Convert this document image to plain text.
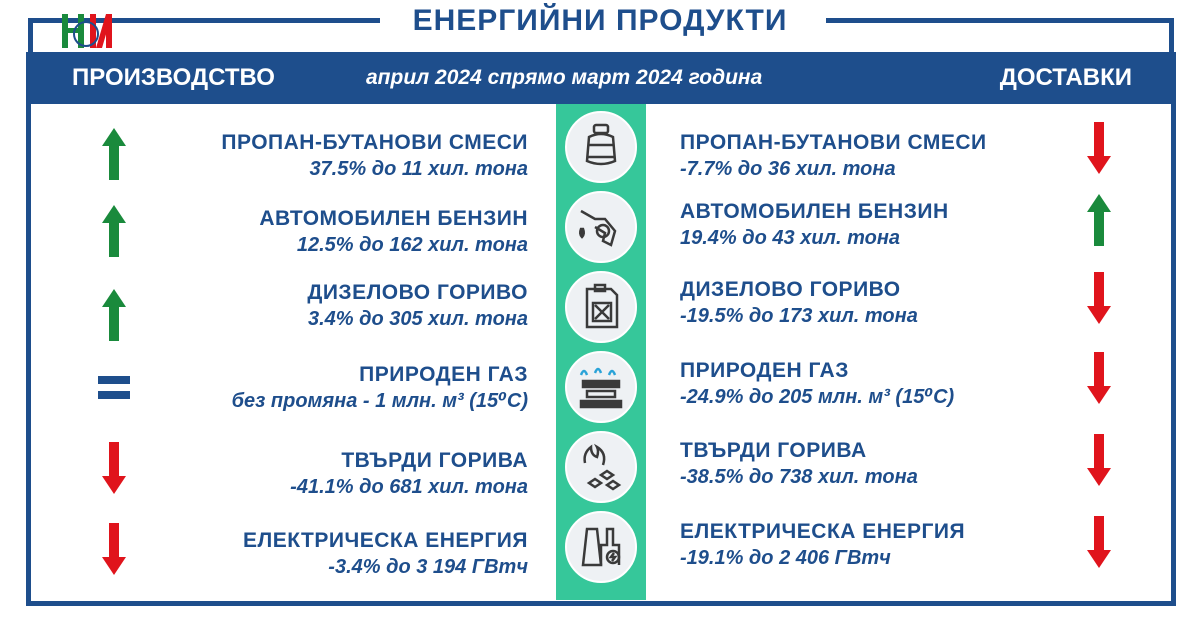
ЕНЕРГИЙНИ ПРОДУКТИ
ПРОИЗВОДСТВО	април 2024 спрямо март 2024 година	ДОСТАВКИ
ПРОПАН-БУТАНОВИ СМЕСИ
37.5% до 11 хил. тона
АВТОМОБИЛЕН БЕНЗИН
12.5% до 162 хил. тона
ДИЗЕЛОВО ГОРИВО
3.4% до 305 хил. тона
ПРИРОДЕН ГАЗ
без промяна - 1 млн. м³ (15⁰C)
ТВЪРДИ ГОРИВА
-41.1% до 681 хил. тона
ЕЛЕКТРИЧЕСКА ЕНЕРГИЯ
-3.4% до 3 194 ГВтч
ПРОПАН-БУТАНОВИ СМЕСИ
-7.7% до 36 хил. тона
АВТОМОБИЛЕН БЕНЗИН
19.4% до 43 хил. тона
ДИЗЕЛОВО ГОРИВО
-19.5% до 173 хил. тона
ПРИРОДЕН ГАЗ
-24.9% до 205 млн. м³ (15⁰C)
ТВЪРДИ ГОРИВА
-38.5% до 738 хил. тона
ЕЛЕКТРИЧЕСКА ЕНЕРГИЯ
-19.1% до 2 406 ГВтч
